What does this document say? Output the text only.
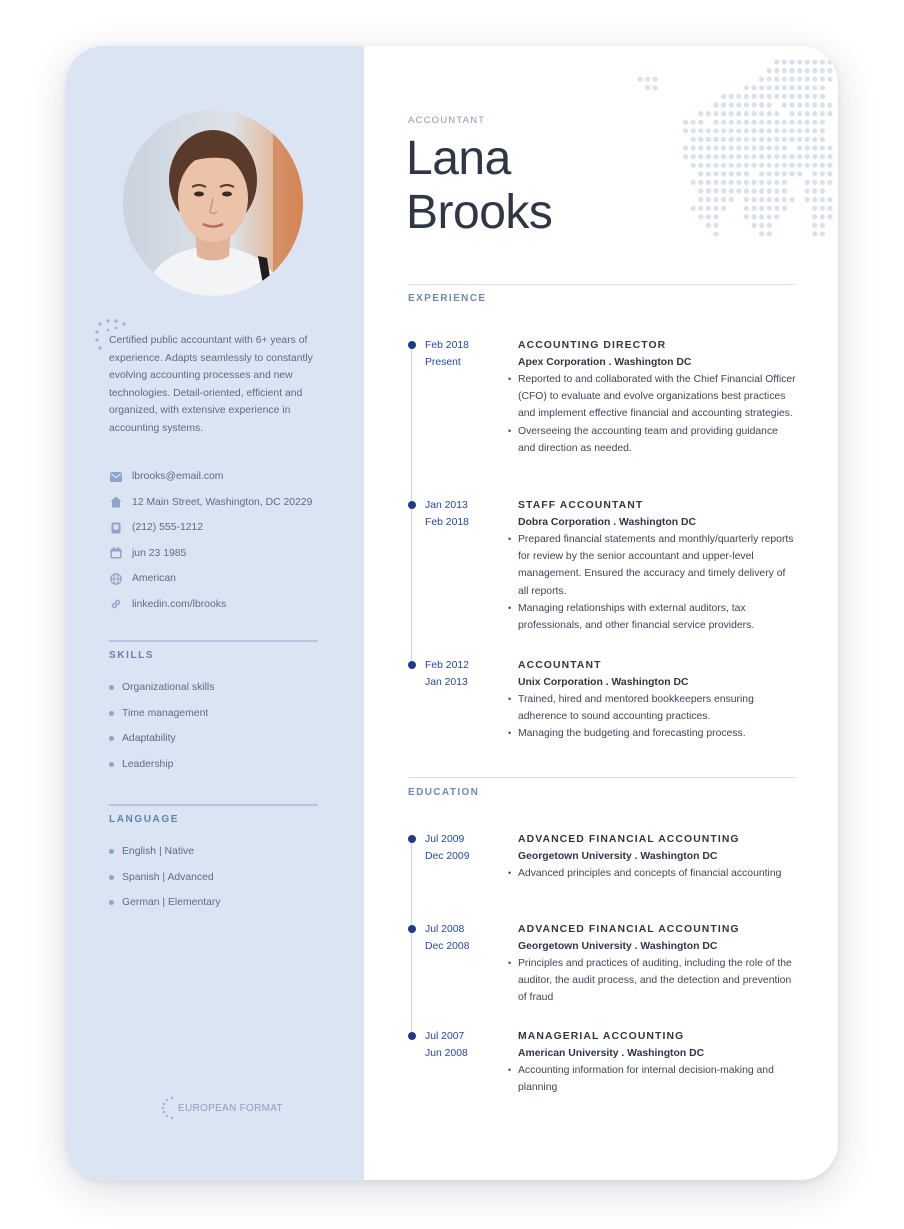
Certified public accountant with 6+ years of experience. Adapts seamlessly to constantly evolving accounting processes and new technologies. Detail-oriented, efficient and organized, with extensive experience in accounting systems.
lbrooks@email.com
12 Main Street, Washington, DC 20229
(212) 555-1212
jun 23 1985
American
linkedin.com/lbrooks
SKILLS
Organizational skills
Time management
Adaptability
Leadership
LANGUAGE
English | Native
Spanish | Advanced
German | Elementary
EUROPEAN FORMAT
ACCOUNTANT
Lana
Brooks
EXPERIENCE
Feb 2018
Present
ACCOUNTING DIRECTOR
Apex Corporation . Washington DC
• Reported to and collaborated with the Chief Financial Officer (CFO) to evaluate and evolve organizations best practices and implement effective financial and accounting strategies.
• Overseeing the accounting team and providing guidance and direction as needed.
Jan 2013
Feb 2018
STAFF ACCOUNTANT
Dobra Corporation . Washington DC
• Prepared financial statements and monthly/quarterly reports for review by the senior accountant and upper-level management. Ensured the accuracy and timely delivery of all reports.
• Managing relationships with external auditors, tax professionals, and other financial service providers.
Feb 2012
Jan 2013
ACCOUNTANT
Unix Corporation . Washington DC
• Trained, hired and mentored bookkeepers ensuring adherence to sound accounting practices.
• Managing the budgeting and forecasting process.
EDUCATION
Jul 2009
Dec 2009
ADVANCED FINANCIAL ACCOUNTING
Georgetown University . Washington DC
• Advanced principles and concepts of financial accounting
Jul 2008
Dec 2008
ADVANCED FINANCIAL ACCOUNTING
Georgetown University . Washington DC
• Principles and practices of auditing, including the role of the auditor, the audit process, and the detection and prevention of fraud
Jul 2007
Jun 2008
MANAGERIAL ACCOUNTING
American University . Washington DC
• Accounting information for internal decision-making and planning
